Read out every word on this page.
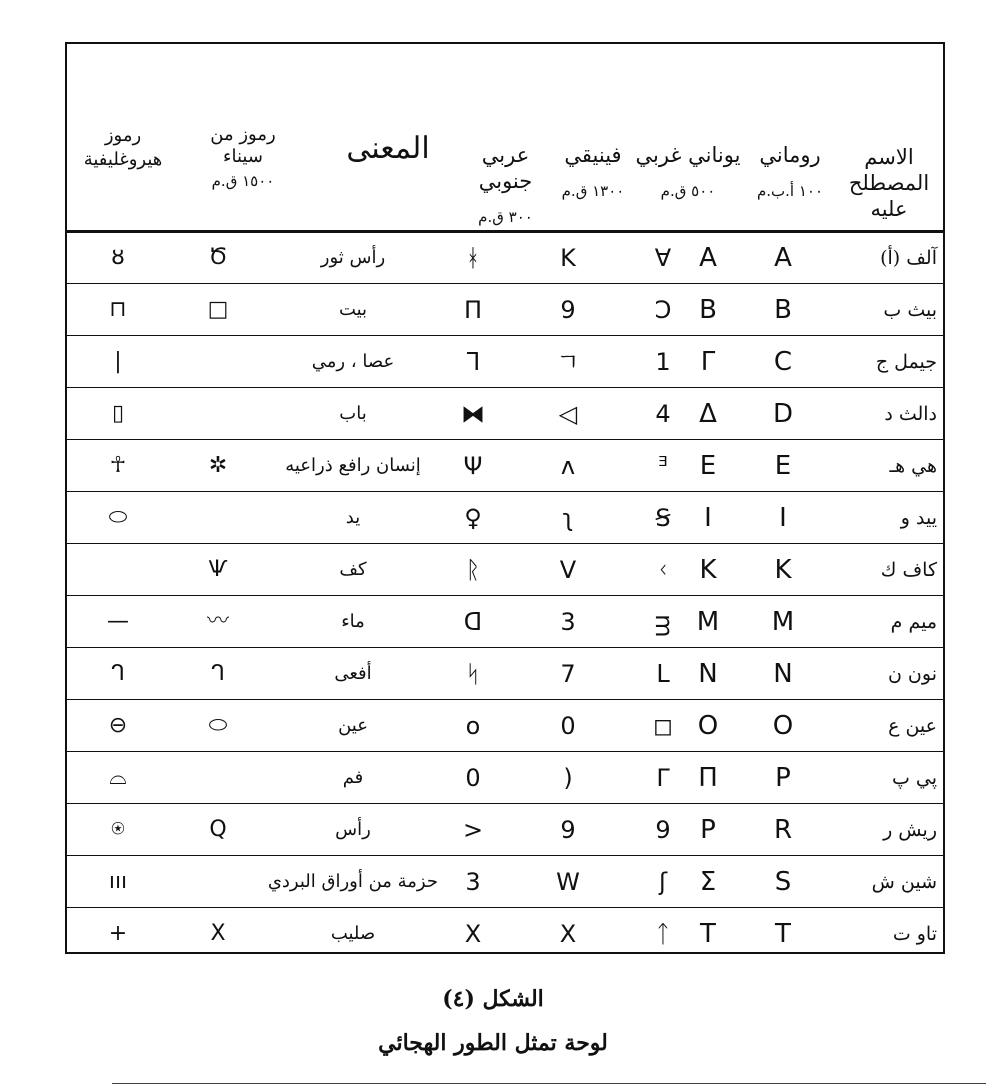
الاسم المصطلح عليه
روماني
١٠٠ أ.ب.م
يوناني غربي
٥٠٠ ق.م
فينيقي
١٣٠٠ ق.م
عربي جنوبي
٣٠٠ ق.م
المعنى
رموز من سيناء
١٥٠٠ ق.م
رموز هيروغليفية
آلف (أ)
A
A
∀
K
ᚼ
رأس ثور
Ծ
ȣ
بيث ب
B
B
Ↄ
9
Π
بيت
□
⊓
جيمل ج
C
Γ
1
ㄱ
ᒣ
عصا ، رمي
|
دالث د
D
Δ
4
◁
⧓
باب
▯
هي هـ
E
E
ᴲ
ᴧ
Ψ
إنسان رافع ذراعيه
✲
☥
ييد و
I
I
Ꞩ
ʅ
♀
يد
⬭
كاف ك
K
K
ᚲ
V
ᚱ
كف
Ѱ
ميم م
M
M
ᴟ
3
ᗡ
ماء
〰
—
نون ن
N
N
ᒪ
7
ᛋ
أفعى
ᒉ
ᒉ
عين ع
O
O
◻
0
o
عين
⬭
⊖
پي پ
P
Π
Γ
)
0
فم
⌓
ريش ر
R
P
9
9
>
رأس
Q
⍟
شين ش
S
Σ
ʃ
W
3
حزمة من أوراق البردي
ııı
تاو ت
T
T
ᛏ
X
X
صليب
X
+
الشكل (٤)
لوحة تمثل الطور الهجائي
